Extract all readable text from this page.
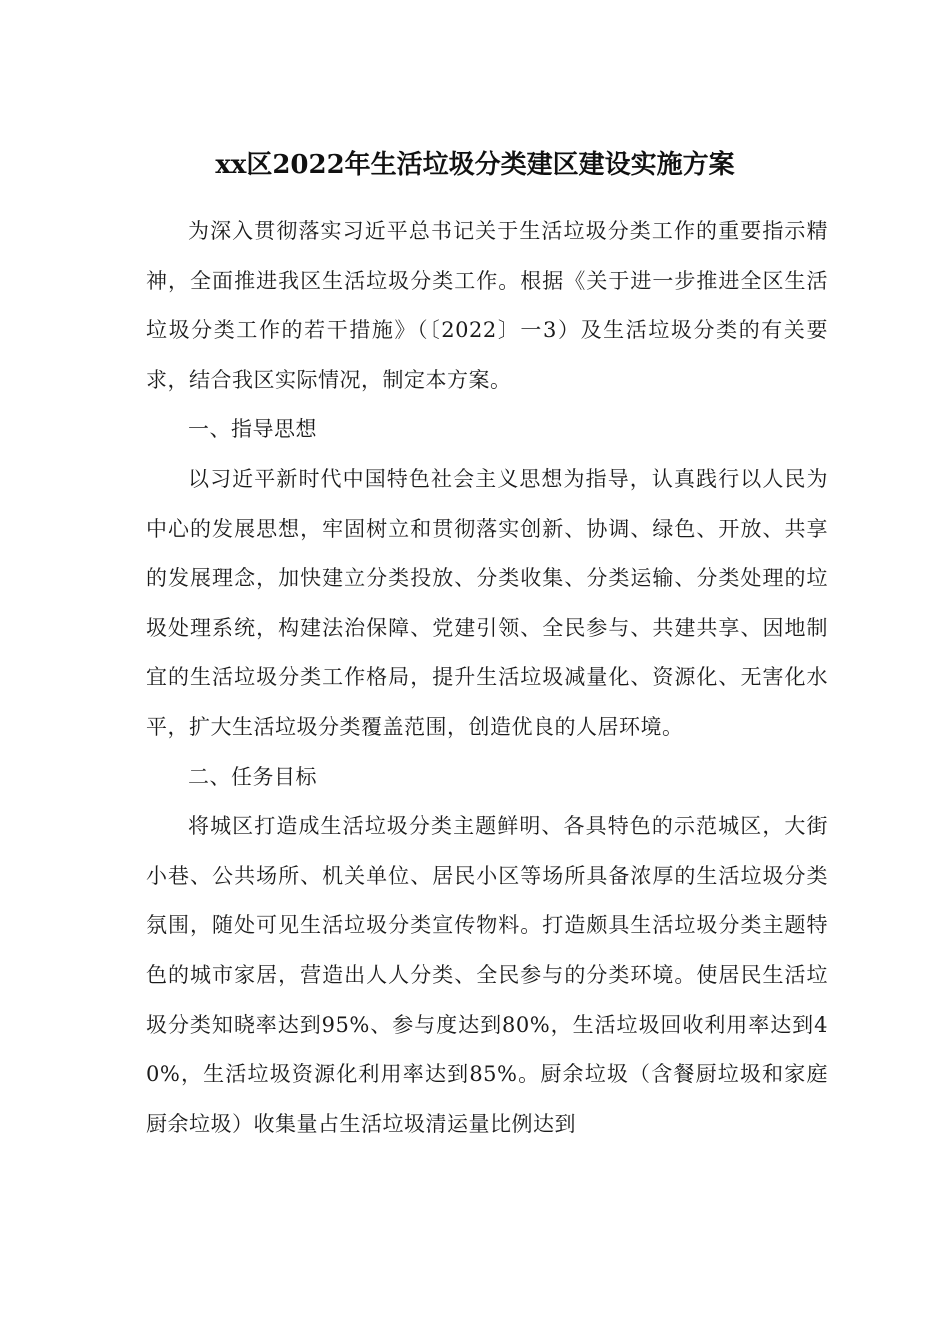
xx区2022年生活垃圾分类建区建设实施方案

为深入贯彻落实习近平总书记关于生活垃圾分类工作的重要指示精神，全面推进我区生活垃圾分类工作。根据《关于进一步推进全区生活垃圾分类工作的若干措施》（〔2022〕一3）及生活垃圾分类的有关要求，结合我区实际情况，制定本方案。

一、指导思想

以习近平新时代中国特色社会主义思想为指导，认真践行以人民为中心的发展思想，牢固树立和贯彻落实创新、协调、绿色、开放、共享的发展理念，加快建立分类投放、分类收集、分类运输、分类处理的垃圾处理系统，构建法治保障、党建引领、全民参与、共建共享、因地制宜的生活垃圾分类工作格局，提升生活垃圾减量化、资源化、无害化水平，扩大生活垃圾分类覆盖范围，创造优良的人居环境。

二、任务目标

将城区打造成生活垃圾分类主题鲜明、各具特色的示范城区，大街小巷、公共场所、机关单位、居民小区等场所具备浓厚的生活垃圾分类氛围，随处可见生活垃圾分类宣传物料。打造颇具生活垃圾分类主题特色的城市家居，营造出人人分类、全民参与的分类环境。使居民生活垃圾分类知晓率达到95%、参与度达到80%，生活垃圾回收利用率达到40%，生活垃圾资源化利用率达到85%。厨余垃圾（含餐厨垃圾和家庭厨余垃圾）收集量占生活垃圾清运量比例达到
